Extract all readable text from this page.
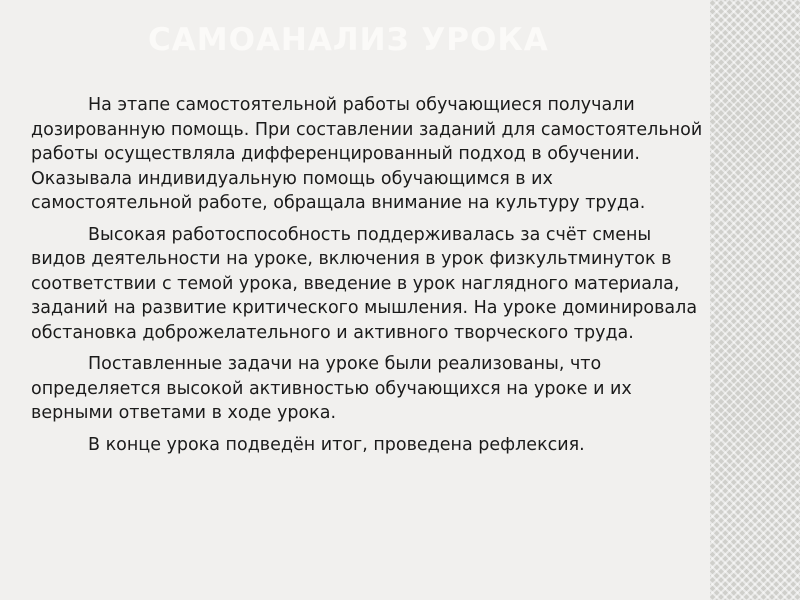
САМОАНАЛИЗ УРОКА

На этапе самостоятельной работы обучающиеся получали дозированную помощь. При составлении заданий для самостоятельной работы осуществляла дифференцированный подход в обучении. Оказывала индивидуальную помощь обучающимся в их самостоятельной работе, обращала внимание на культуру труда.

Высокая работоспособность поддерживалась за счёт смены видов деятельности на уроке, включения в урок физкультминуток в соответствии с темой урока, введение в урок наглядного материала, заданий на развитие критического мышления. На уроке доминировала обстановка доброжелательного и активного творческого труда.

Поставленные задачи на уроке были реализованы, что определяется высокой активностью обучающихся на уроке и их верными ответами в ходе урока.

В конце урока подведён итог, проведена рефлексия.
